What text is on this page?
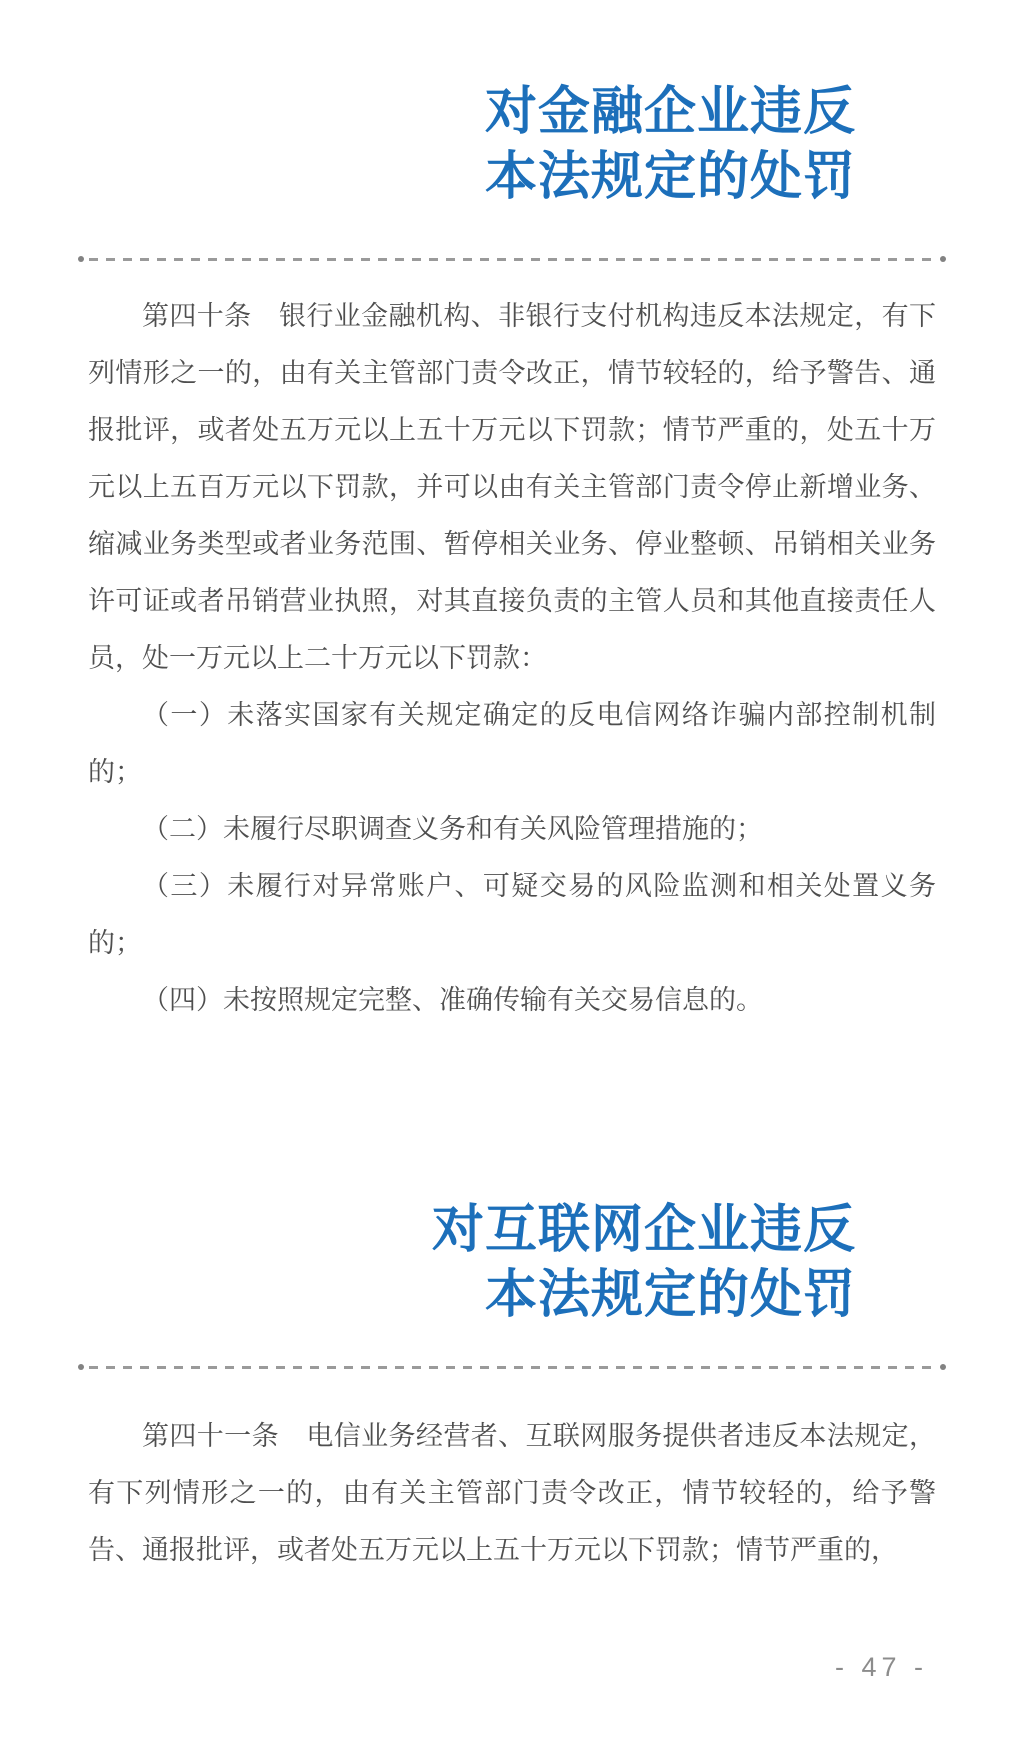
对金融企业违反
本法规定的处罚

第四十条　银行业金融机构、非银行支付机构违反本法规定，有下列情形之一的，由有关主管部门责令改正，情节较轻的，给予警告、通报批评，或者处五万元以上五十万元以下罚款；情节严重的，处五十万元以上五百万元以下罚款，并可以由有关主管部门责令停止新增业务、缩减业务类型或者业务范围、暂停相关业务、停业整顿、吊销相关业务许可证或者吊销营业执照，对其直接负责的主管人员和其他直接责任人员，处一万元以上二十万元以下罚款：

（一）未落实国家有关规定确定的反电信网络诈骗内部控制机制的；

（二）未履行尽职调查义务和有关风险管理措施的；

（三）未履行对异常账户、可疑交易的风险监测和相关处置义务的；

（四）未按照规定完整、准确传输有关交易信息的。

对互联网企业违反
本法规定的处罚

第四十一条　电信业务经营者、互联网服务提供者违反本法规定，有下列情形之一的，由有关主管部门责令改正，情节较轻的，给予警告、通报批评，或者处五万元以上五十万元以下罚款；情节严重的，

- 47 -
